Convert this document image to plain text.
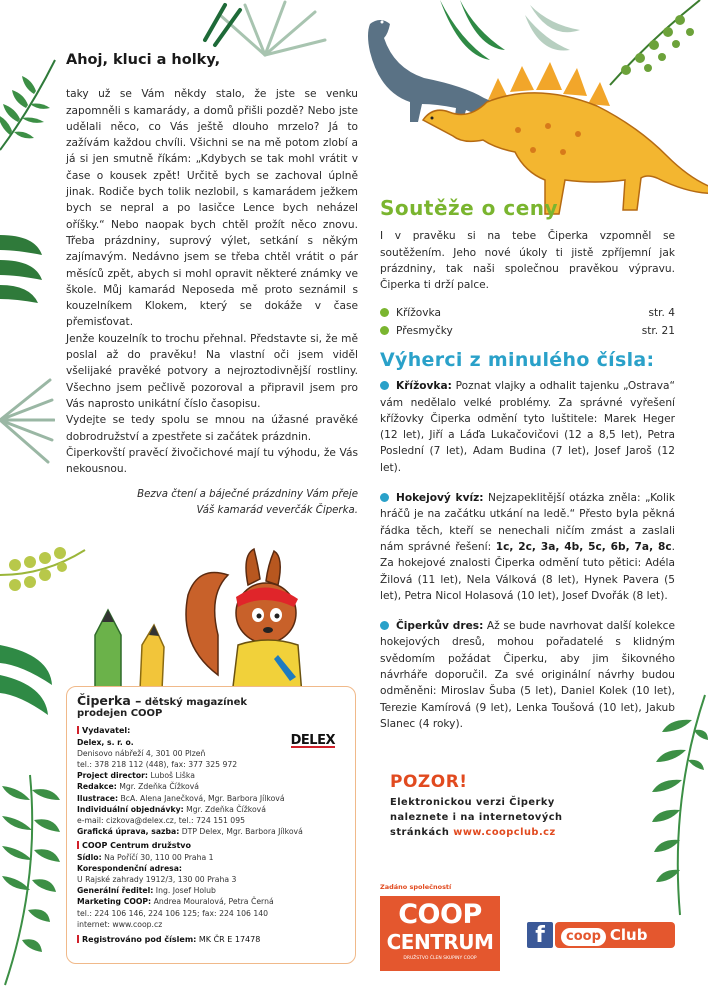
Ahoj, kluci a holky,

taky už se Vám někdy stalo, že jste se venku zapomněli s kamarády, a domů přišli pozdě? Nebo jste udělali něco, co Vás ještě dlouho mrzelo? Já to zažívám každou chvíli. Všichni se na mě potom zlobí a já si jen smutně říkám: „Kdybych se tak mohl vrátit v čase o kousek zpět! Určitě bych se zachoval úplně jinak. Rodiče bych tolik nezlobil, s kamarádem ježkem bych se nepral a po lasičce Lence bych neházel oříšky.“ Nebo naopak bych chtěl prožít něco znovu. Třeba prázdniny, suprový výlet, setkání s někým zajímavým. Nedávno jsem se třeba chtěl vrátit o pár měsíců zpět, abych si mohl opravit některé známky ve škole. Můj kamarád Neposeda mě proto seznámil s kouzelníkem Klokem, který se dokáže v čase přemisťovat.

Jenže kouzelník to trochu přehnal. Představte si, že mě poslal až do pravěku! Na vlastní oči jsem viděl všelijaké pravěké potvory a nejroztodivnější rostliny. Všechno jsem pečlivě pozoroval a připravil jsem pro Vás naprosto unikátní číslo časopisu.

Vydejte se tedy spolu se mnou na úžasné pravěké dobrodružství a zpestřete si začátek prázdnin.

Čiperkovští pravěcí živočichové mají tu výhodu, že Vás nekousnou.

Bezva čtení a báječné prázdniny Vám přeje
Váš kamarád veverčák Čiperka.
Soutěže o ceny

I v pravěku si na tebe Čiperka vzpomněl se soutěžením. Jeho nové úkoly ti jistě zpříjemní jak prázdniny, tak naši společnou pravěkou výpravu. Čiperka ti drží palce.

Křížovka	str. 4
Přesmyčky	str. 21
Výherci z minulého čísla:

Křížovka: Poznat vlajky a odhalit tajenku „Ostrava“ vám nedělalo velké problémy. Za správné vyřešení křížovky Čiperka odmění tyto luštitele: Marek Heger (12 let), Jiří a Láďa Lukačovičovi (12 a 8,5 let), Petra Poslední (7 let), Adam Budina (7 let), Josef Jaroš (12 let).

Hokejový kvíz: Nejzapeklitější otázka zněla: „Kolik hráčů je na začátku utkání na ledě.“ Přesto byla pěkná řádka těch, kteří se nenechali ničím zmást a zaslali nám správné řešení: 1c, 2c, 3a, 4b, 5c, 6b, 7a, 8c. Za hokejové znalosti Čiperka odmění tuto pětici: Adéla Žilová (11 let), Nela Válková (8 let), Hynek Pavera (5 let), Petra Nicol Holasová (10 let), Josef Dvořák (8 let).

Čiperkův dres: Až se bude navrhovat další kolekce hokejových dresů, mohou pořadatelé s klidným svědomím požádat Čiperku, aby jim šikovného návrháře doporučil. Za své originální návrhy budou odměněni: Miroslav Šuba (5 let), Daniel Kolek (10 let), Terezie Kamírová (9 let), Lenka Toušová (10 let), Jakub Slanec (4 roky).

POZOR!
Elektronickou verzi Čiperky
naleznete i na internetových
stránkách www.coopclub.cz
Čiperka – dětský magazínek
prodejen COOP
DELEX
Vydavatel:
Delex, s. r. o.
Denisovo nábřeží 4, 301 00 Plzeň
tel.: 378 218 112 (448), fax: 377 325 972
Project director: Luboš Liška
Redakce: Mgr. Zdeňka Čížková
Ilustrace: BcA. Alena Janečková, Mgr. Barbora Jílková
Individuální objednávky: Mgr. Zdeňka Čížková
e-mail: cizkova@delex.cz, tel.: 724 151 095
Grafická úprava, sazba: DTP Delex, Mgr. Barbora Jílková
COOP Centrum družstvo
Sídlo: Na Poříčí 30, 110 00 Praha 1
Korespondenční adresa:
U Rajské zahrady 1912/3, 130 00 Praha 3
Generální ředitel: Ing. Josef Holub
Marketing COOP: Andrea Mouralová, Petra Černá
tel.: 224 106 146, 224 106 125; fax: 224 106 140
internet: www.coop.cz
Registrováno pod číslem: MK ČR E 17478
Zadáno společností
COOP
CENTRUM
DRUŽSTVO ČLEN SKUPINY COOP
f	coop Club
